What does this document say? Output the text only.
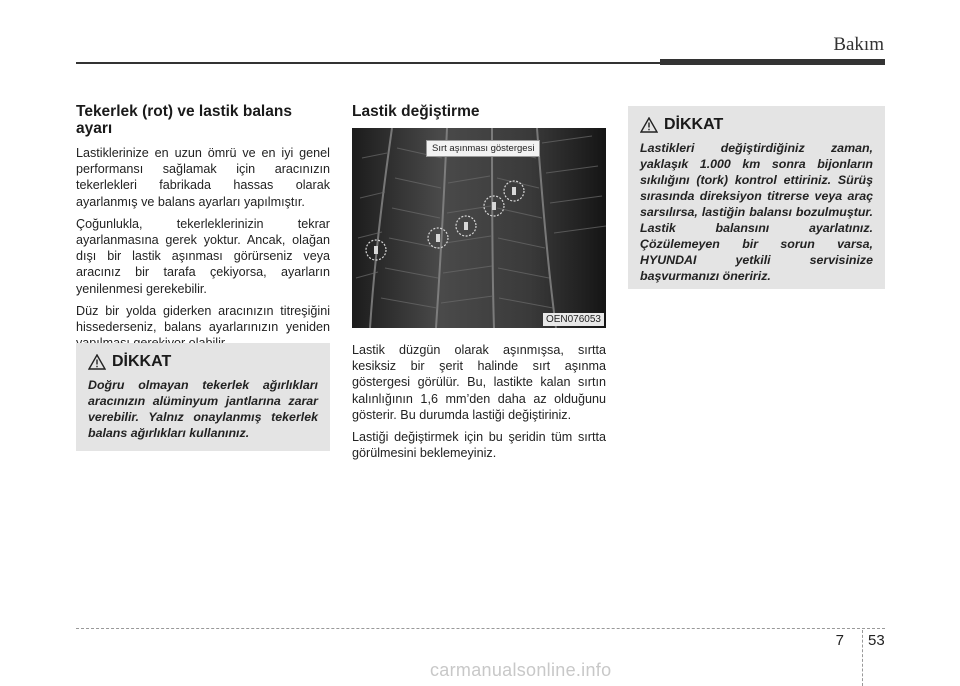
Bakım
Tekerlek (rot) ve lastik balans ayarı

Lastiklerinize en uzun ömrü ve en iyi genel performansı sağlamak için aracınızın tekerlekleri fabrikada hassas olarak ayarlanmış ve balans ayarları yapılmıştır.

Çoğunlukla, tekerleklerinizin tekrar ayarlanmasına gerek yoktur. Ancak, olağan dışı bir lastik aşınması görürseniz veya aracınız bir tarafa çekiyorsa, ayarların yenilenmesi gerekebilir.

Düz bir yolda giderken aracınızın titreşiğini hissederseniz, balans ayarlarınızın yeniden

DİKKAT

Doğru olmayan tekerlek ağırlıkları aracınızın alüminyum jantlarına zarar verebilir. Yalnız onaylanmış tekerlek balans ağırlıkları kullanınız.

Lastik değiştirme
Sırt aşınması göstergesi
OEN076053

Lastik düzgün olarak aşınmışsa, sırtta kesiksiz bir şerit halinde sırt aşınma göstergesi görülür. Bu, lastikte kalan sırtın kalınlığının 1,6 mm’den daha az olduğunu gösterir. Bu durumda lastiği değiştiriniz.

Lastiği değiştirmek için bu şeridin tüm sırtta görülmesini beklemeyiniz.

DİKKAT

Lastikleri değiştirdiğiniz zaman, yaklaşık 1.000 km sonra bijonların sıkılığını (tork) kontrol ettiriniz. Sürüş sırasında direksiyon titrerse veya araç sarsılırsa, lastiğin balansı bozulmuştur. Lastik balansını ayarlatınız. Çözülemeyen bir sorun varsa, HYUNDAI yetkili servisinize başvurmanızı öneririz.

7 53
carmanualsonline.info
